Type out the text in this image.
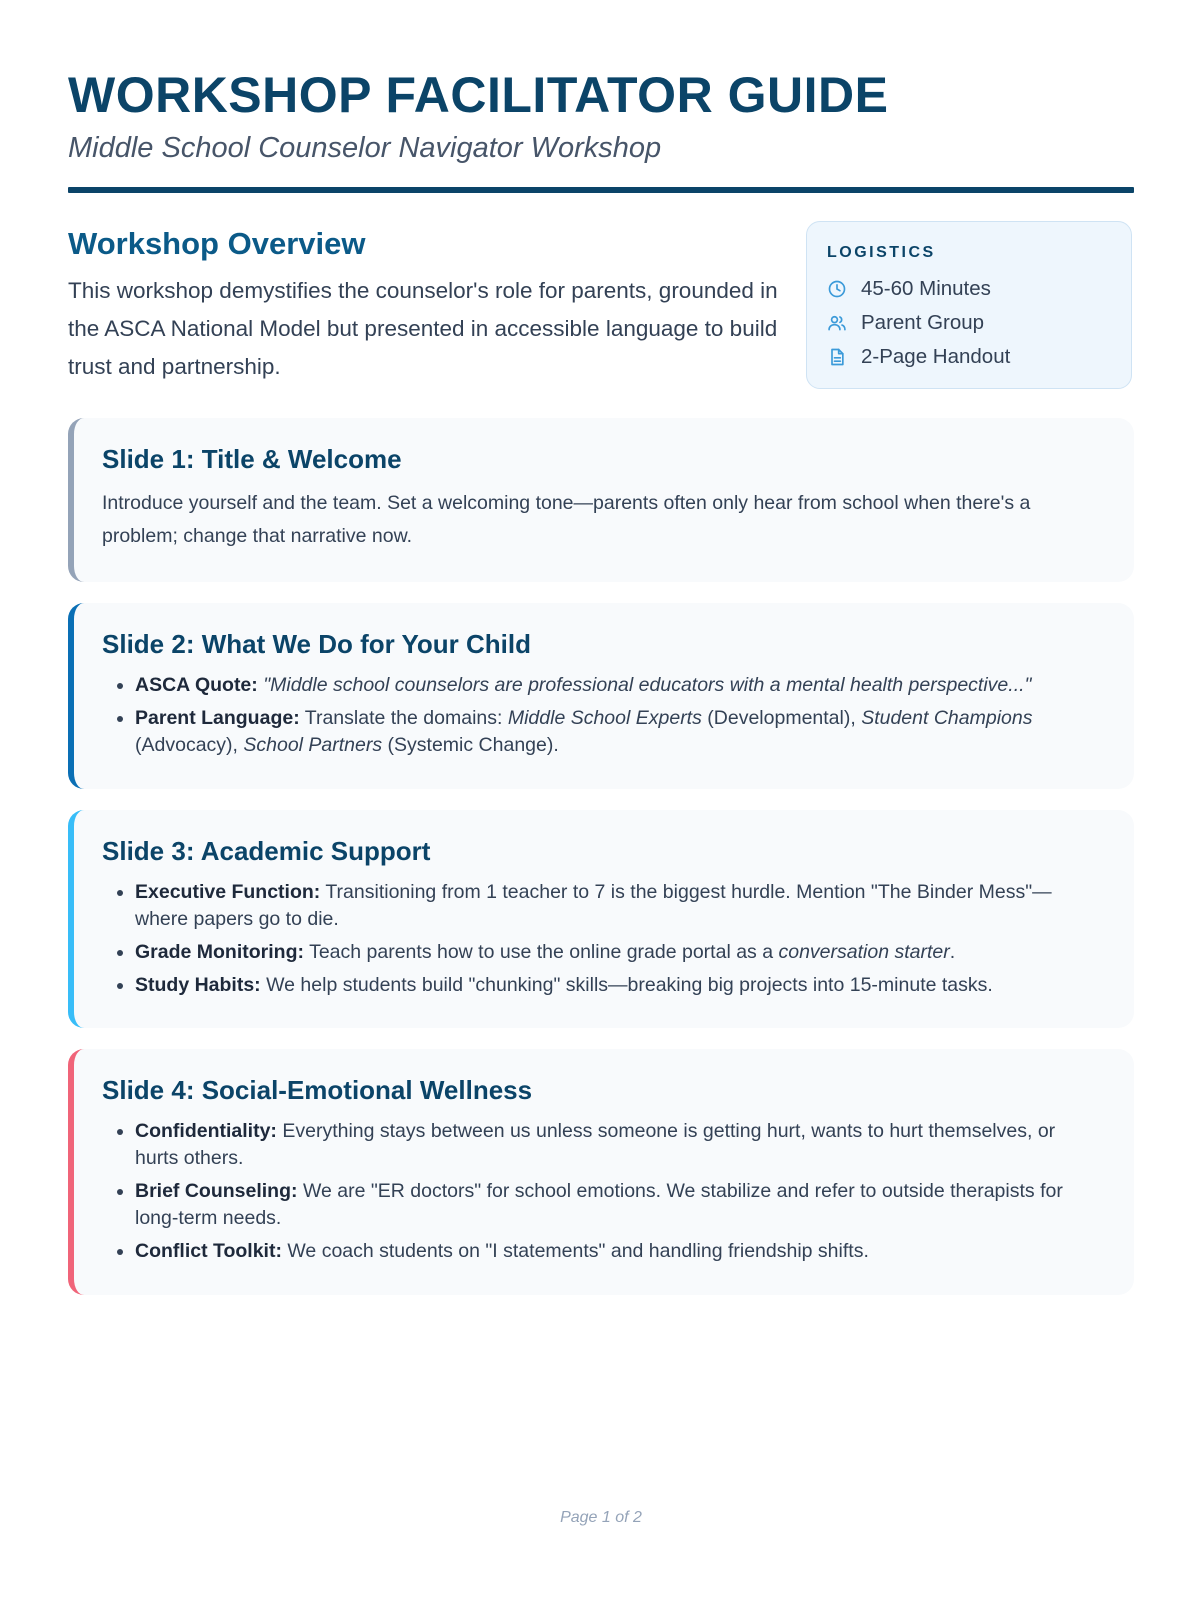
WORKSHOP FACILITATOR GUIDE

Middle School Counselor Navigator Workshop

Workshop Overview

This workshop demystifies the counselor's role for parents, grounded in the ASCA National Model but presented in accessible language to build trust and partnership.

LOGISTICS
45-60 Minutes
Parent Group
2-Page Handout
Slide 1: Title & Welcome

Introduce yourself and the team. Set a welcoming tone—parents often only hear from school when there's a problem; change that narrative now.

Slide 2: What We Do for Your Child
• ASCA Quote: "Middle school counselors are professional educators with a mental health perspective..."
• Parent Language: Translate the domains: Middle School Experts (Developmental), Student Champions (Advocacy), School Partners (Systemic Change).
Slide 3: Academic Support
• Executive Function: Transitioning from 1 teacher to 7 is the biggest hurdle. Mention "The Binder Mess"—where papers go to die.
• Grade Monitoring: Teach parents how to use the online grade portal as a conversation starter.
• Study Habits: We help students build "chunking" skills—breaking big projects into 15-minute tasks.
Slide 4: Social-Emotional Wellness
• Confidentiality: Everything stays between us unless someone is getting hurt, wants to hurt themselves, or hurts others.
• Brief Counseling: We are "ER doctors" for school emotions. We stabilize and refer to outside therapists for long-term needs.
• Conflict Toolkit: We coach students on "I statements" and handling friendship shifts.

Page 1 of 2
